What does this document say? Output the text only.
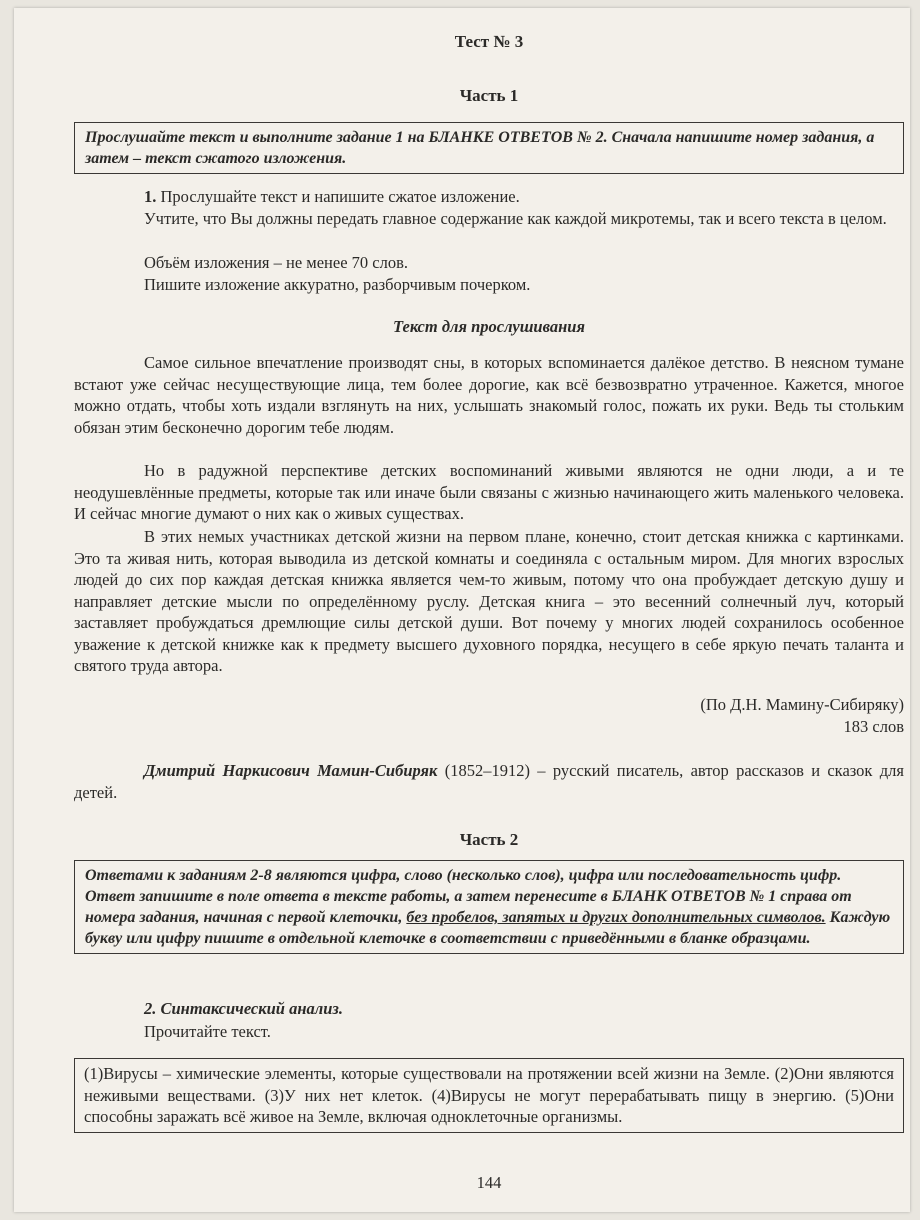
Тест № 3
Часть 1
Прослушайте текст и выполните задание 1 на БЛАНКЕ ОТВЕТОВ № 2. Сначала напишите номер задания, а затем – текст сжатого изложения.
1. Прослушайте текст и напишите сжатое изложение.
Учтите, что Вы должны передать главное содержание как каждой микротемы, так и всего текста в целом.
Объём изложения – не менее 70 слов.
Пишите изложение аккуратно, разборчивым почерком.
Текст для прослушивания
Самое сильное впечатление производят сны, в которых вспоминается далёкое детство. В неясном тумане встают уже сейчас несуществующие лица, тем более дорогие, как всё безвозвратно утраченное. Кажется, многое можно отдать, чтобы хоть издали взглянуть на них, услышать знакомый голос, пожать их руки. Ведь ты стольким обязан этим бесконечно дорогим тебе людям.
Но в радужной перспективе детских воспоминаний живыми являются не одни люди, а и те неодушевлённые предметы, которые так или иначе были связаны с жизнью начинающего жить маленького человека. И сейчас многие думают о них как о живых существах.
В этих немых участниках детской жизни на первом плане, конечно, стоит детская книжка с картинками. Это та живая нить, которая выводила из детской комнаты и соединяла с остальным миром. Для многих взрослых людей до сих пор каждая детская книжка является чем-то живым, потому что она пробуждает детскую душу и направляет детские мысли по определённому руслу. Детская книга – это весенний солнечный луч, который заставляет пробуждаться дремлющие силы детской души. Вот почему у многих людей сохранилось особенное уважение к детской книжке как к предмету высшего духовного порядка, несущего в себе яркую печать таланта и святого труда автора.
(По Д.Н. Мамину-Сибиряку)
183 слов
Дмитрий Наркисович Мамин-Сибиряк (1852–1912) – русский писатель, автор рассказов и сказок для детей.
Часть 2
Ответами к заданиям 2-8 являются цифра, слово (несколько слов), цифра или последовательность цифр. Ответ запишите в поле ответа в тексте работы, а затем перенесите в БЛАНК ОТВЕТОВ № 1 справа от номера задания, начиная с первой клеточки, без пробелов, запятых и других дополнительных символов. Каждую букву или цифру пишите в отдельной клеточке в соответствии с приведёнными в бланке образцами.
2. Синтаксический анализ.
Прочитайте текст.
(1)Вирусы – химические элементы, которые существовали на протяжении всей жизни на Земле. (2)Они являются неживыми веществами. (3)У них нет клеток. (4)Вирусы не могут перерабатывать пищу в энергию. (5)Они способны заражать всё живое на Земле, включая одноклеточные организмы.
144
